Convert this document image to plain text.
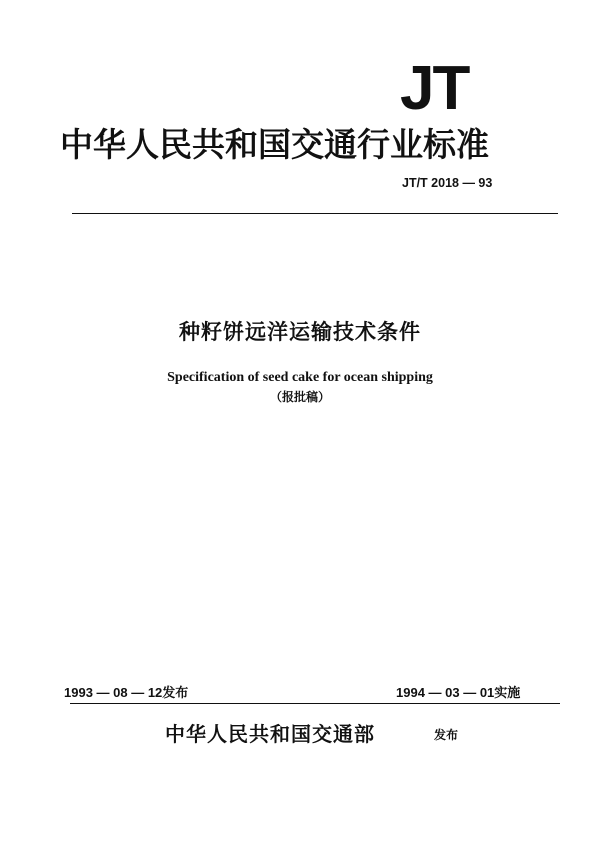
JT
中华人民共和国交通行业标准
JT/T 2018 — 93
种籽饼远洋运输技术条件
Specification of seed cake for ocean shipping
（报批稿）
1993 — 08 — 12发布	1994 — 03 — 01实施
中华人民共和国交通部	发布
